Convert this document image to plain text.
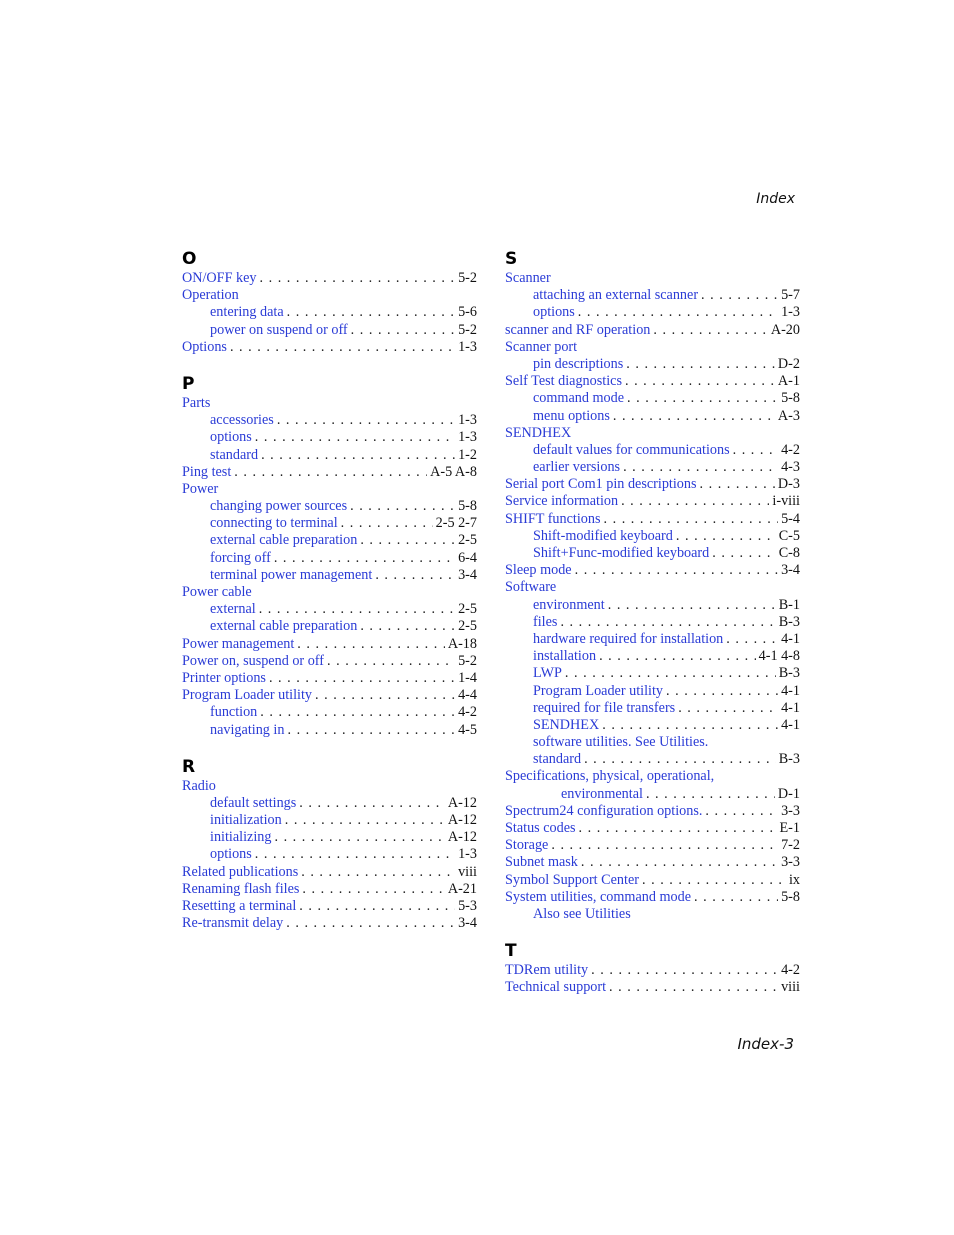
Index
O
ON/OFF key . . .	5-2
Operation
entering data . . .	5-6
power on suspend or off . . .	5-2
Options . . .	1-3
P
Parts
accessories . . .	1-3
options . . .	1-3
standard . . .	1-2
Ping test . . .	A-5 A-8
Power
changing power sources . . .	5-8
connecting to terminal . . .	2-5 2-7
external cable preparation . . .	2-5
forcing off . . .	6-4
terminal power management . . .	3-4
Power cable
external . . .	2-5
external cable preparation . . .	2-5
Power management . . .	A-18
Power on, suspend or off . . .	5-2
Printer options . . .	1-4
Program Loader utility . . .	4-4
function . . .	4-2
navigating in . . .	4-5
R
Radio
default settings . . .	A-12
initialization . . .	A-12
initializing . . .	A-12
options . . .	1-3
Related publications . . .	viii
Renaming flash files . . .	A-21
Resetting a terminal . . .	5-3
Re-transmit delay . . .	3-4
S
Scanner
attaching an external scanner . . .	5-7
options . . .	1-3
scanner and RF operation . . .	A-20
Scanner port
pin descriptions . . .	D-2
Self Test diagnostics . . .	A-1
command mode . . .	5-8
menu options . . .	A-3
SENDHEX
default values for communications . . .	4-2
earlier versions . . .	4-3
Serial port Com1 pin descriptions . . .	D-3
Service information . . .	i-viii
SHIFT functions . . .	5-4
Shift-modified keyboard . . .	C-5
Shift+Func-modified keyboard . . .	C-8
Sleep mode . . .	3-4
Software
environment . . .	B-1
files . . .	B-3
hardware required for installation . . .	4-1
installation . . .	4-1 4-8
LWP . . .	B-3
Program Loader utility . . .	4-1
required for file transfers . . .	4-1
SENDHEX . . .	4-1
software utilities. See Utilities.
standard . . .	B-3
Specifications, physical, operational,
environmental . . .	D-1
Spectrum24 configuration options. . . .	3-3
Status codes . . .	E-1
Storage . . .	7-2
Subnet mask . . .	3-3
Symbol Support Center . . .	ix
System utilities, command mode . . .	5-8
Also see Utilities
T
TDRem utility . . .	4-2
Technical support . . .	viii
Index-3
